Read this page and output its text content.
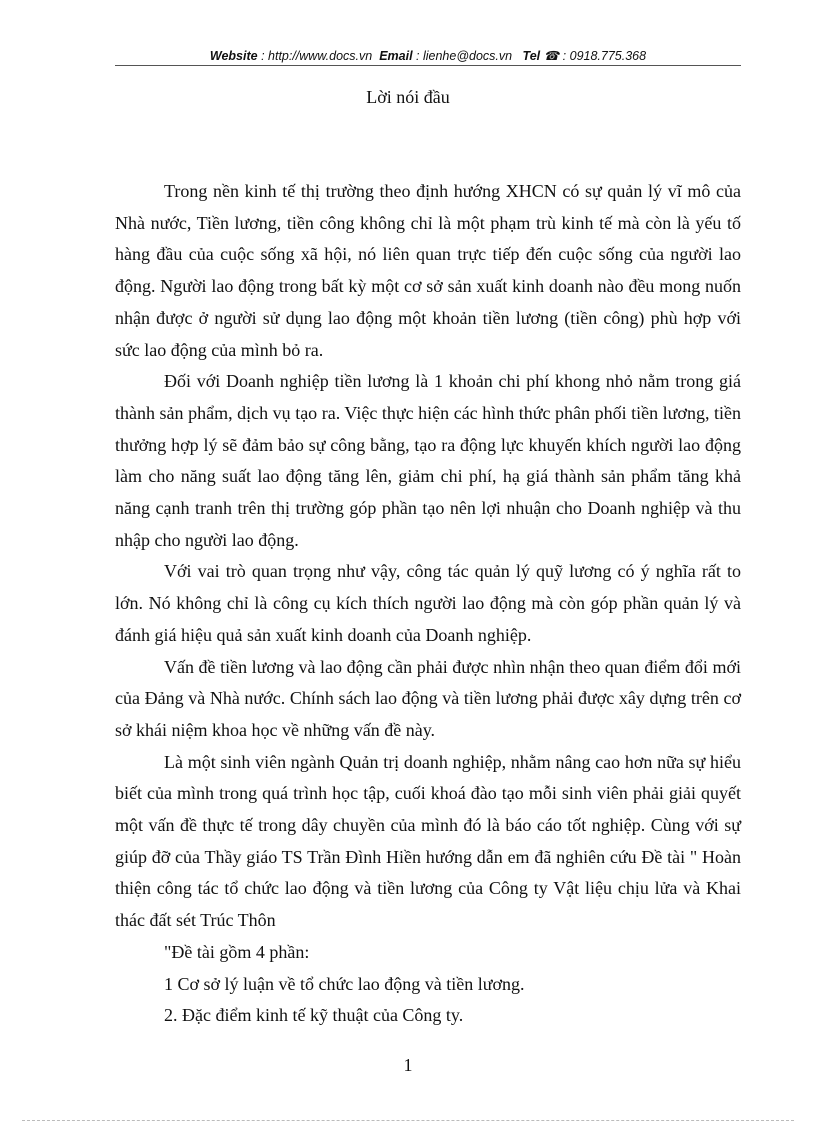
Website : http://www.docs.vn Email : lienhe@docs.vn Tel ☎ : 0918.775.368
Lời nói đầu

Trong nền kinh tế thị trường theo định hướng XHCN có sự quản lý vĩ mô của Nhà nước, Tiền lương, tiền công không chỉ là một phạm trù kinh tế mà còn là yếu tố hàng đầu của cuộc sống xã hội, nó liên quan trực tiếp đến cuộc sống của người lao động. Người lao động trong bất kỳ một cơ sở sản xuất kinh doanh nào đều mong nuốn nhận được ở người sử dụng lao động một khoản tiền lương (tiền công) phù hợp với sức lao động của mình bỏ ra.

Đối với Doanh nghiệp tiền lương là 1 khoản chi phí khong nhỏ nằm trong giá thành sản phẩm, dịch vụ tạo ra. Việc thực hiện các hình thức phân phối tiền lương, tiền thưởng hợp lý sẽ đảm bảo sự công bằng, tạo ra động lực khuyến khích người lao động làm cho năng suất lao động tăng lên, giảm chi phí, hạ giá thành sản phẩm tăng khả năng cạnh tranh trên thị trường góp phần tạo nên lợi nhuận cho Doanh nghiệp và thu nhập cho người lao động.

Với vai trò quan trọng như vậy, công tác quản lý quỹ lương có ý nghĩa rất to lớn. Nó không chỉ là công cụ kích thích người lao động mà còn góp phần quản lý và đánh giá hiệu quả sản xuất kinh doanh của Doanh nghiệp.

Vấn đề tiền lương và lao động cần phải được nhìn nhận theo quan điểm đổi mới của Đảng và Nhà nước. Chính sách lao động và tiền lương phải được xây dựng trên cơ sở khái niệm khoa học về những vấn đề này.

Là một sinh viên ngành Quản trị doanh nghiệp, nhằm nâng cao hơn nữa sự hiểu biết của mình trong quá trình học tập, cuối khoá đào tạo mỗi sinh viên phải giải quyết một vấn đề thực tế trong dây chuyền của mình đó là báo cáo tốt nghiệp. Cùng với sự giúp đỡ của Thầy giáo TS Trần Đình Hiền hướng dẫn em đã nghiên cứu Đề tài " Hoàn thiện công tác tổ chức lao động và tiền lương của Công ty Vật liệu chịu lửa và Khai thác đất sét Trúc Thôn

"Đề tài gồm 4 phần:

1 Cơ sở lý luận về tổ chức lao động và tiền lương.

2. Đặc điểm kinh tế kỹ thuật của Công ty.

1
